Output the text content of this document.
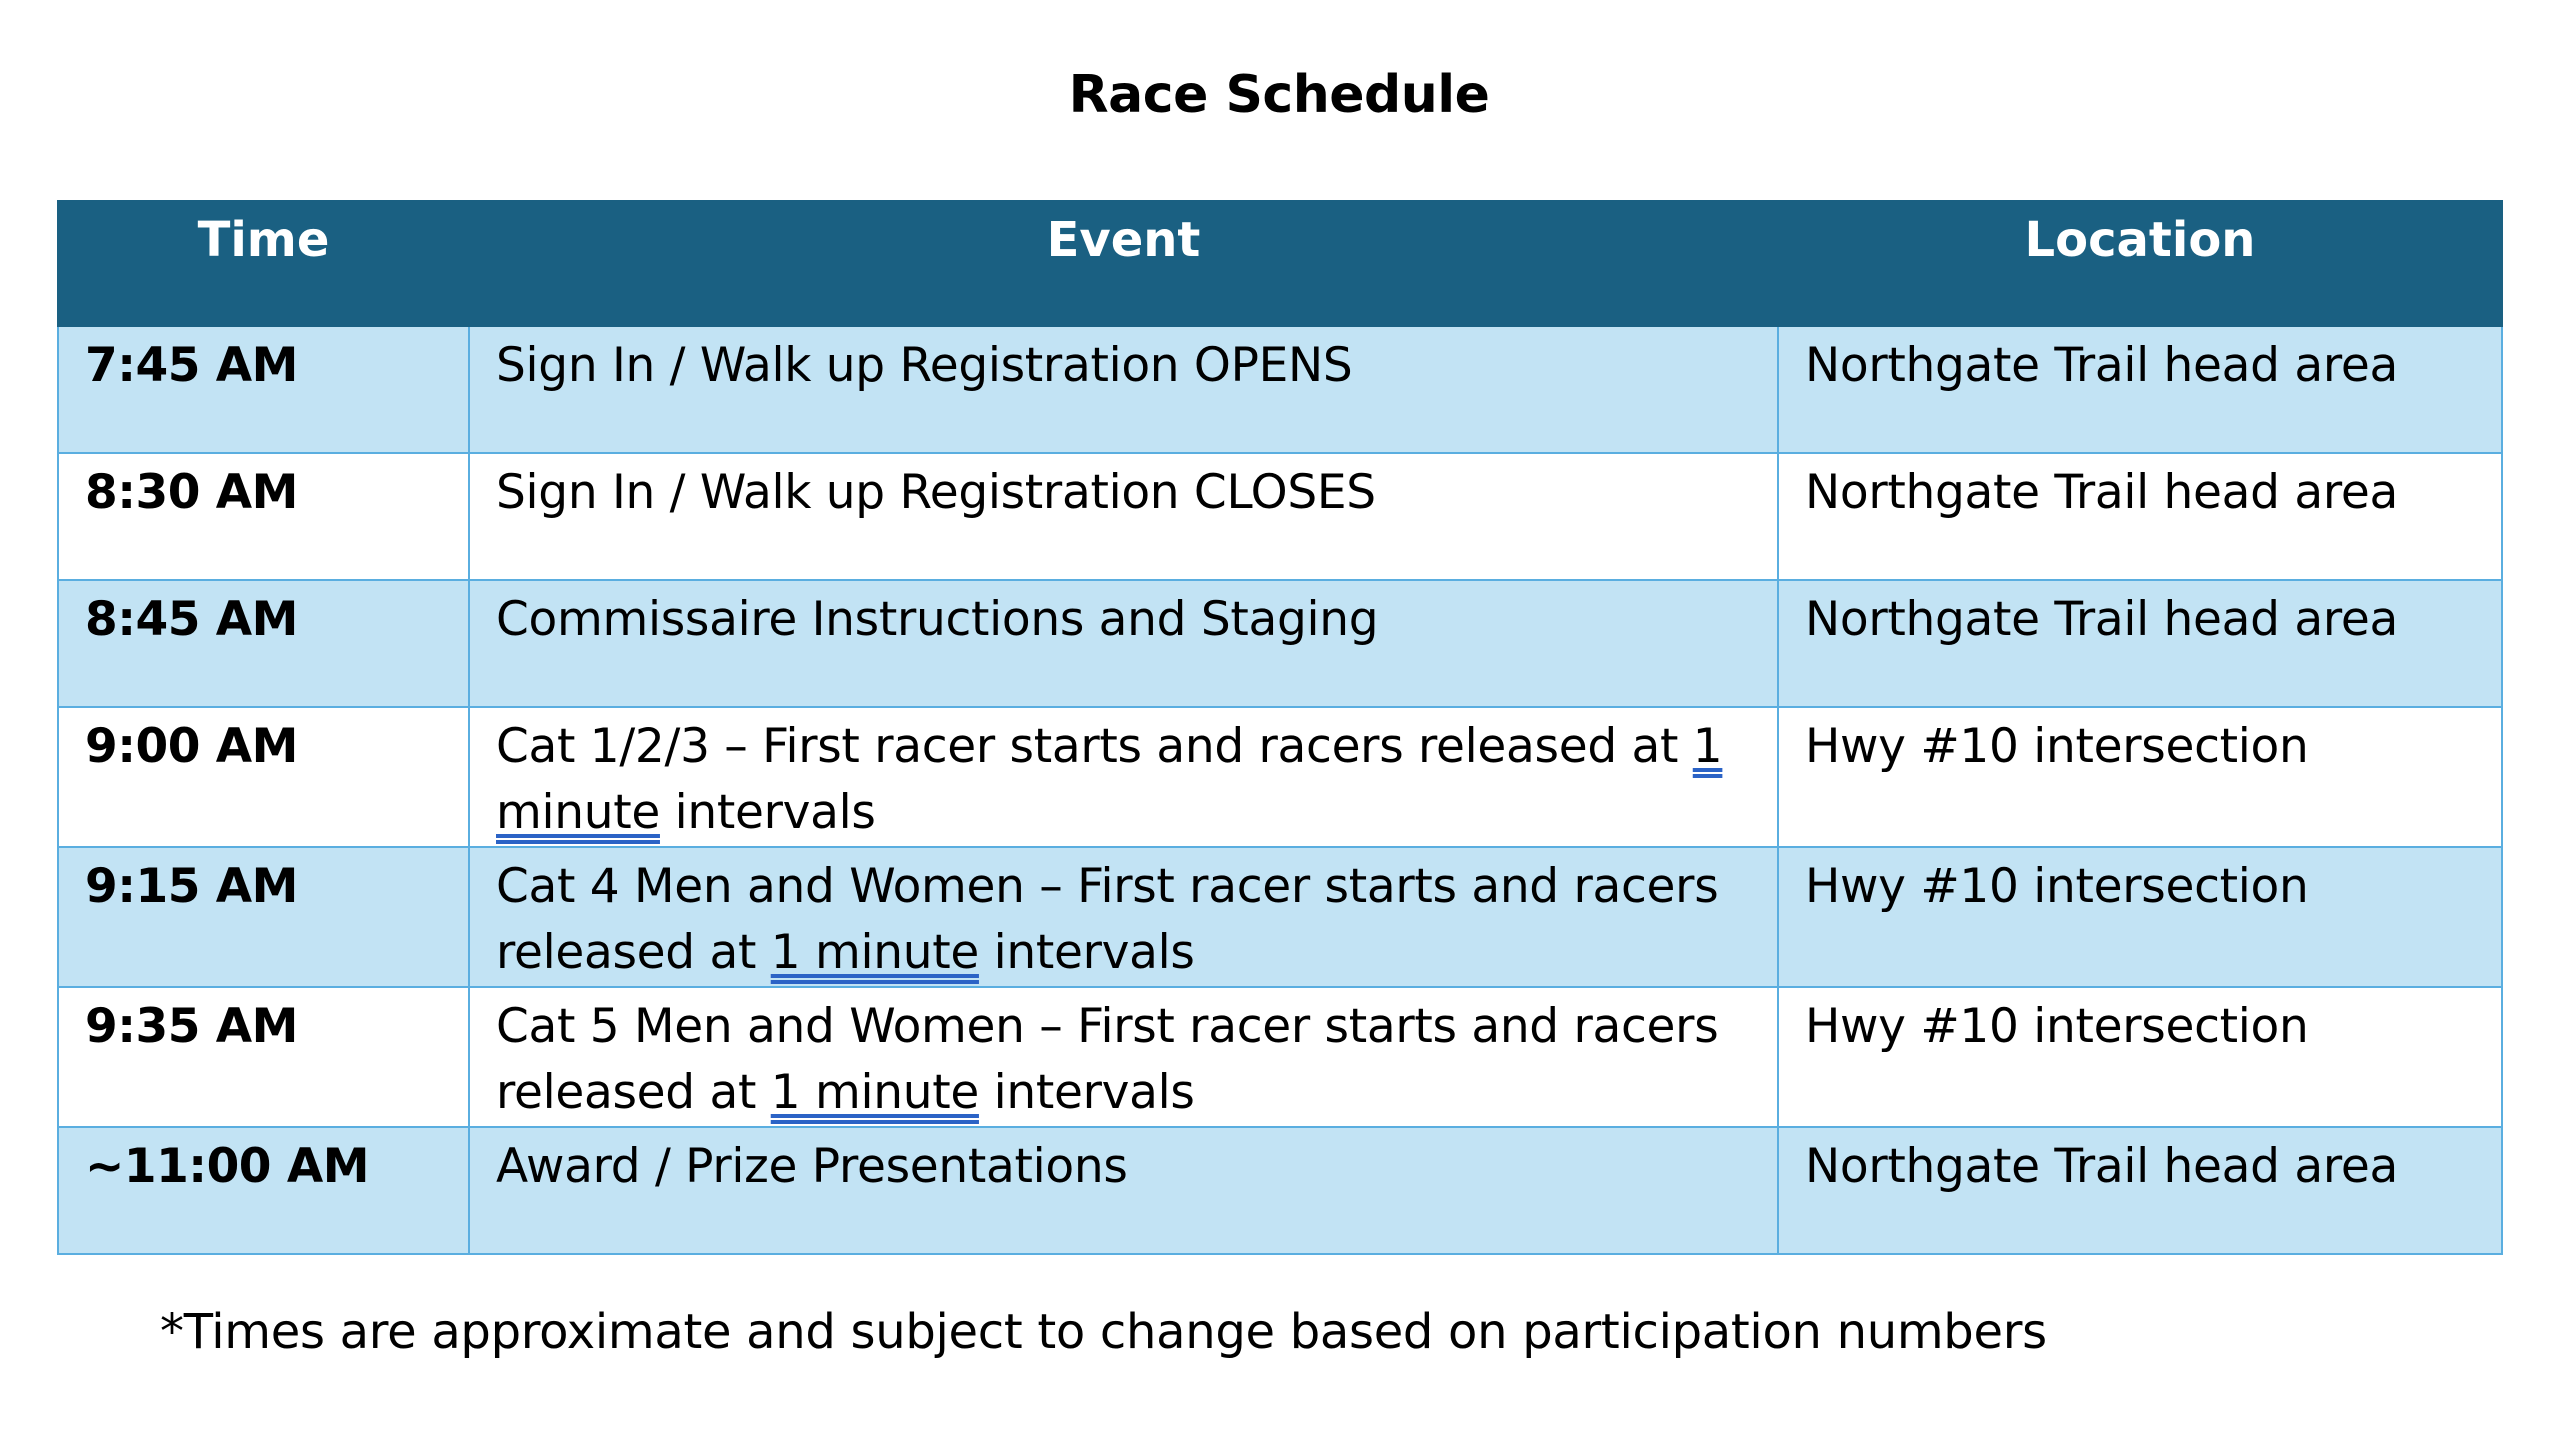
Race Schedule
Time	Event	Location
7:45 AM	Sign In / Walk up Registration OPENS	Northgate Trail head area
8:30 AM	Sign In / Walk up Registration CLOSES	Northgate Trail head area
8:45 AM	Commissaire Instructions and Staging	Northgate Trail head area
9:00 AM	Cat 1/2/3 – First racer starts and racers released at 1 minute intervals	Hwy #10 intersection
9:15 AM	Cat 4 Men and Women – First racer starts and racers released at 1 minute intervals	Hwy #10 intersection
9:35 AM	Cat 5 Men and Women – First racer starts and racers released at 1 minute intervals	Hwy #10 intersection
~11:00 AM	Award / Prize Presentations	Northgate Trail head area
*Times are approximate and subject to change based on participation numbers
